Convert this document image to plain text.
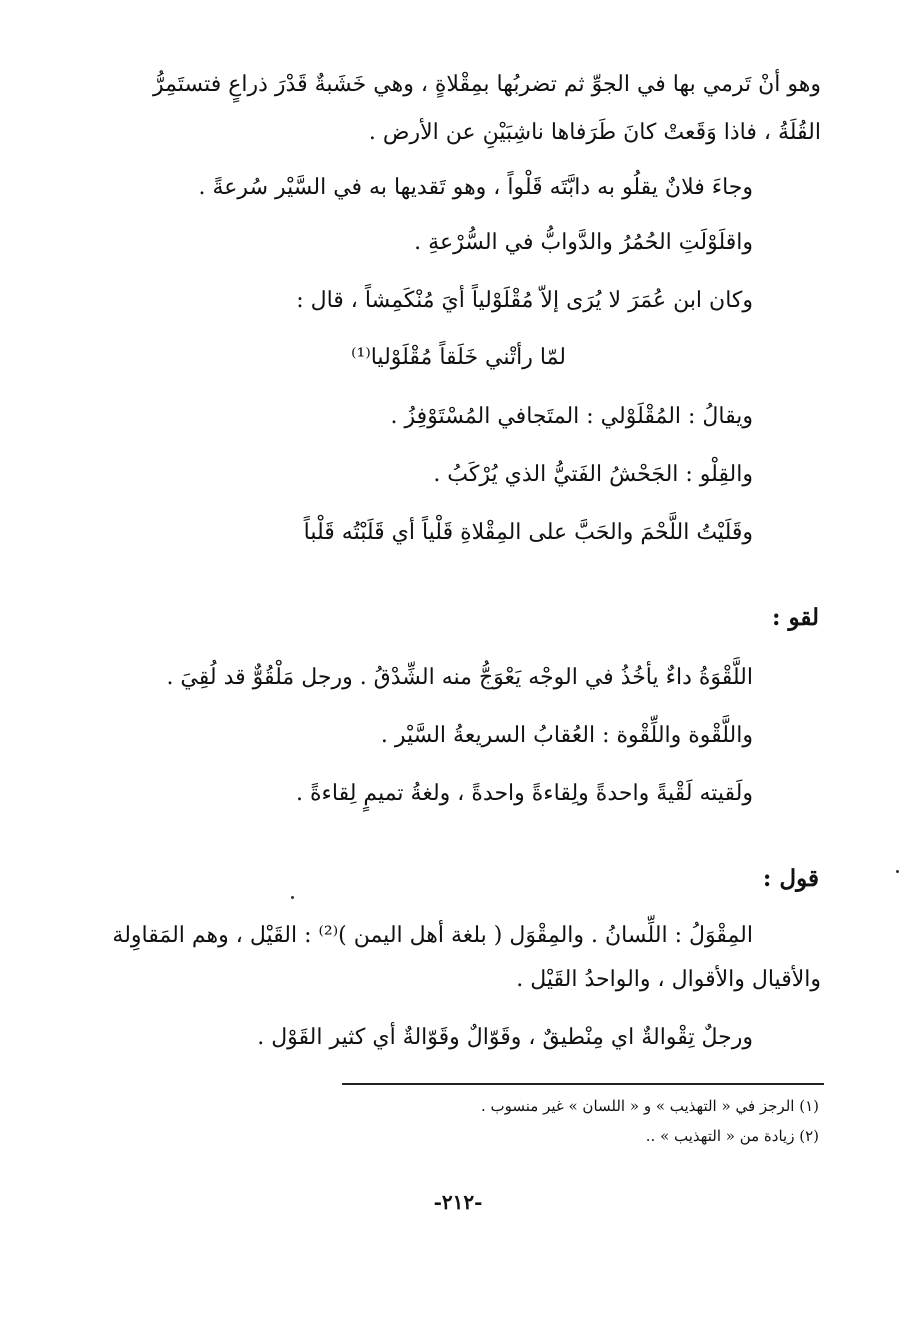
وهو أنْ تَرمي بها في الجوِّ ثم تضربُها بمِقْلاةٍ ، وهي خَشَبةٌ قَدْرَ ذراعٍ فتستَمِرُّ
القُلَةُ ، فاذا وَقَعتْ كانَ طَرَفاها ناشِبَيْنِ عن الأرض .
وجاءَ فلانٌ يقلُو به دابَّتَه قَلْواً ، وهو تَقديها به في السَّيْر سُرعةً .
واقلَوْلَتِ الحُمُرُ والدَّوابُّ في السُّرْعةِ .
وكان ابن عُمَرَ لا يُرَى إلاّ مُقْلَوْلياً أيَ مُنْكَمِشاً ، قال :
لمّا رأتْني خَلَقاً مُقْلَوْليا⁽¹⁾
ويقالُ : المُقْلَوْلي : المتَجافي المُسْتَوْفِزُ .
والقِلْو : الجَحْشُ الفَتيُّ الذي يُرْكَبُ .
وقَلَيْتُ اللَّحْمَ والحَبَّ على المِقْلاةِ قَلْياً أي قَلَبْتُه قَلْباً
لقو :
اللَّقْوَةُ داءٌ يأخُذُ في الوجْه يَعْوَجُّ منه الشِّدْقُ . ورجل مَلْقُوٌّ قد لُقِيَ .
واللَّقْوة واللِّقْوة : العُقابُ السريعةُ السَّيْر .
ولَقيته لَقْيةً واحدةً ولِقاءةً واحدةً ، ولغةُ تميمٍ لِقاءةً .
قول :
المِقْوَلُ : اللِّسانُ . والمِقْوَل ( بلغة أهل اليمن )⁽²⁾ : القَيْل ، وهم المَقاوِلة
والأقيال والأقوال ، والواحدُ القَيْل .
ورجلٌ تِقْوالةٌ اي مِنْطيقٌ ، وقَوّالٌ وقَوّالةٌ أي كثير القَوْل .
(١) الرجز في « التهذيب » و « اللسان » غير منسوب .
(٢) زيادة من « التهذيب » ..
-٢١٢-
